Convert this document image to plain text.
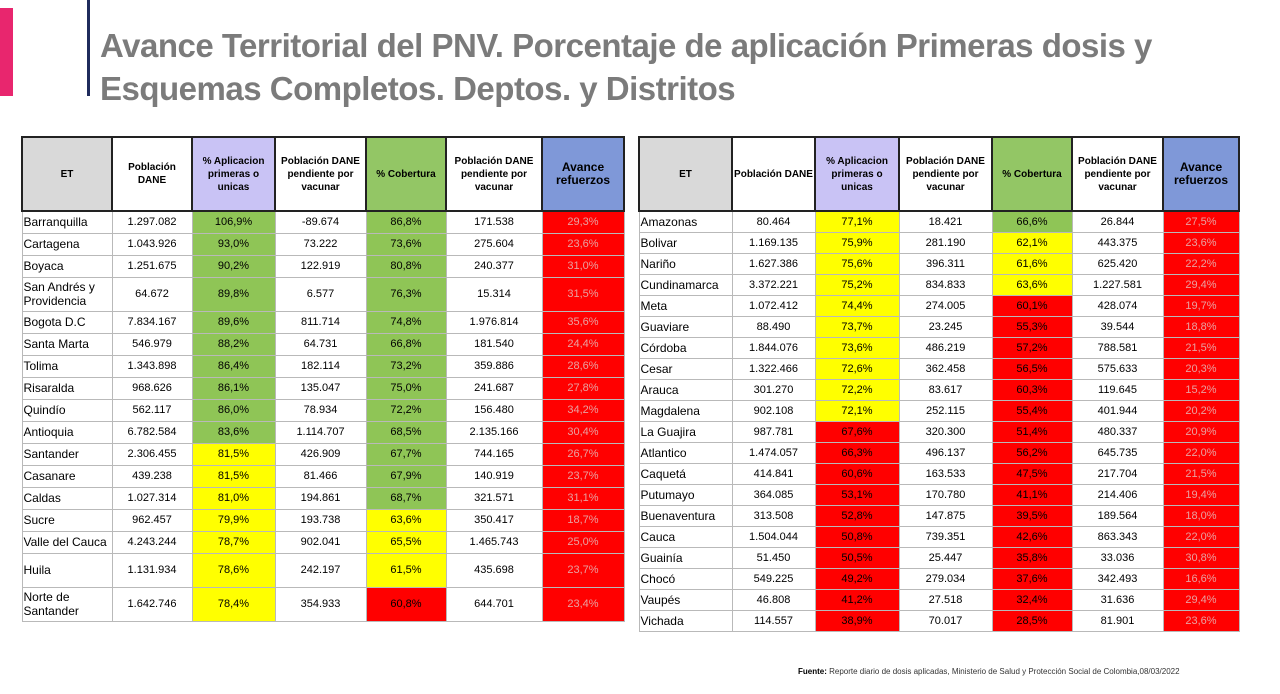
Avance Territorial del PNV. Porcentaje de aplicación Primeras dosis y Esquemas Completos. Deptos. y Distritos
ET	Población DANE	% Aplicacion primeras o unicas	Población DANE pendiente por vacunar	% Cobertura	Población DANE pendiente por vacunar	Avance refuerzos
Barranquilla	1.297.082	106,9%	-89.674	86,8%	171.538	29,3%
Cartagena	1.043.926	93,0%	73.222	73,6%	275.604	23,6%
Boyaca	1.251.675	90,2%	122.919	80,8%	240.377	31,0%
San Andrés y Providencia	64.672	89,8%	6.577	76,3%	15.314	31,5%
Bogota D.C	7.834.167	89,6%	811.714	74,8%	1.976.814	35,6%
Santa Marta	546.979	88,2%	64.731	66,8%	181.540	24,4%
Tolima	1.343.898	86,4%	182.114	73,2%	359.886	28,6%
Risaralda	968.626	86,1%	135.047	75,0%	241.687	27,8%
Quindío	562.117	86,0%	78.934	72,2%	156.480	34,2%
Antioquia	6.782.584	83,6%	1.114.707	68,5%	2.135.166	30,4%
Santander	2.306.455	81,5%	426.909	67,7%	744.165	26,7%
Casanare	439.238	81,5%	81.466	67,9%	140.919	23,7%
Caldas	1.027.314	81,0%	194.861	68,7%	321.571	31,1%
Sucre	962.457	79,9%	193.738	63,6%	350.417	18,7%
Valle del Cauca	4.243.244	78,7%	902.041	65,5%	1.465.743	25,0%
Huila	1.131.934	78,6%	242.197	61,5%	435.698	23,7%
Norte de Santander	1.642.746	78,4%	354.933	60,8%	644.701	23,4%
ET	Población DANE	% Aplicacion primeras o unicas	Población DANE pendiente por vacunar	% Cobertura	Población DANE pendiente por vacunar	Avance refuerzos
Amazonas	80.464	77,1%	18.421	66,6%	26.844	27,5%
Bolivar	1.169.135	75,9%	281.190	62,1%	443.375	23,6%
Nariño	1.627.386	75,6%	396.311	61,6%	625.420	22,2%
Cundinamarca	3.372.221	75,2%	834.833	63,6%	1.227.581	29,4%
Meta	1.072.412	74,4%	274.005	60,1%	428.074	19,7%
Guaviare	88.490	73,7%	23.245	55,3%	39.544	18,8%
Córdoba	1.844.076	73,6%	486.219	57,2%	788.581	21,5%
Cesar	1.322.466	72,6%	362.458	56,5%	575.633	20,3%
Arauca	301.270	72,2%	83.617	60,3%	119.645	15,2%
Magdalena	902.108	72,1%	252.115	55,4%	401.944	20,2%
La Guajira	987.781	67,6%	320.300	51,4%	480.337	20,9%
Atlantico	1.474.057	66,3%	496.137	56,2%	645.735	22,0%
Caquetá	414.841	60,6%	163.533	47,5%	217.704	21,5%
Putumayo	364.085	53,1%	170.780	41,1%	214.406	19,4%
Buenaventura	313.508	52,8%	147.875	39,5%	189.564	18,0%
Cauca	1.504.044	50,8%	739.351	42,6%	863.343	22,0%
Guainía	51.450	50,5%	25.447	35,8%	33.036	30,8%
Chocó	549.225	49,2%	279.034	37,6%	342.493	16,6%
Vaupés	46.808	41,2%	27.518	32,4%	31.636	29,4%
Vichada	114.557	38,9%	70.017	28,5%	81.901	23,6%
Fuente: Reporte diario de dosis aplicadas, Ministerio de Salud y Protección Social de Colombia,08/03/2022
